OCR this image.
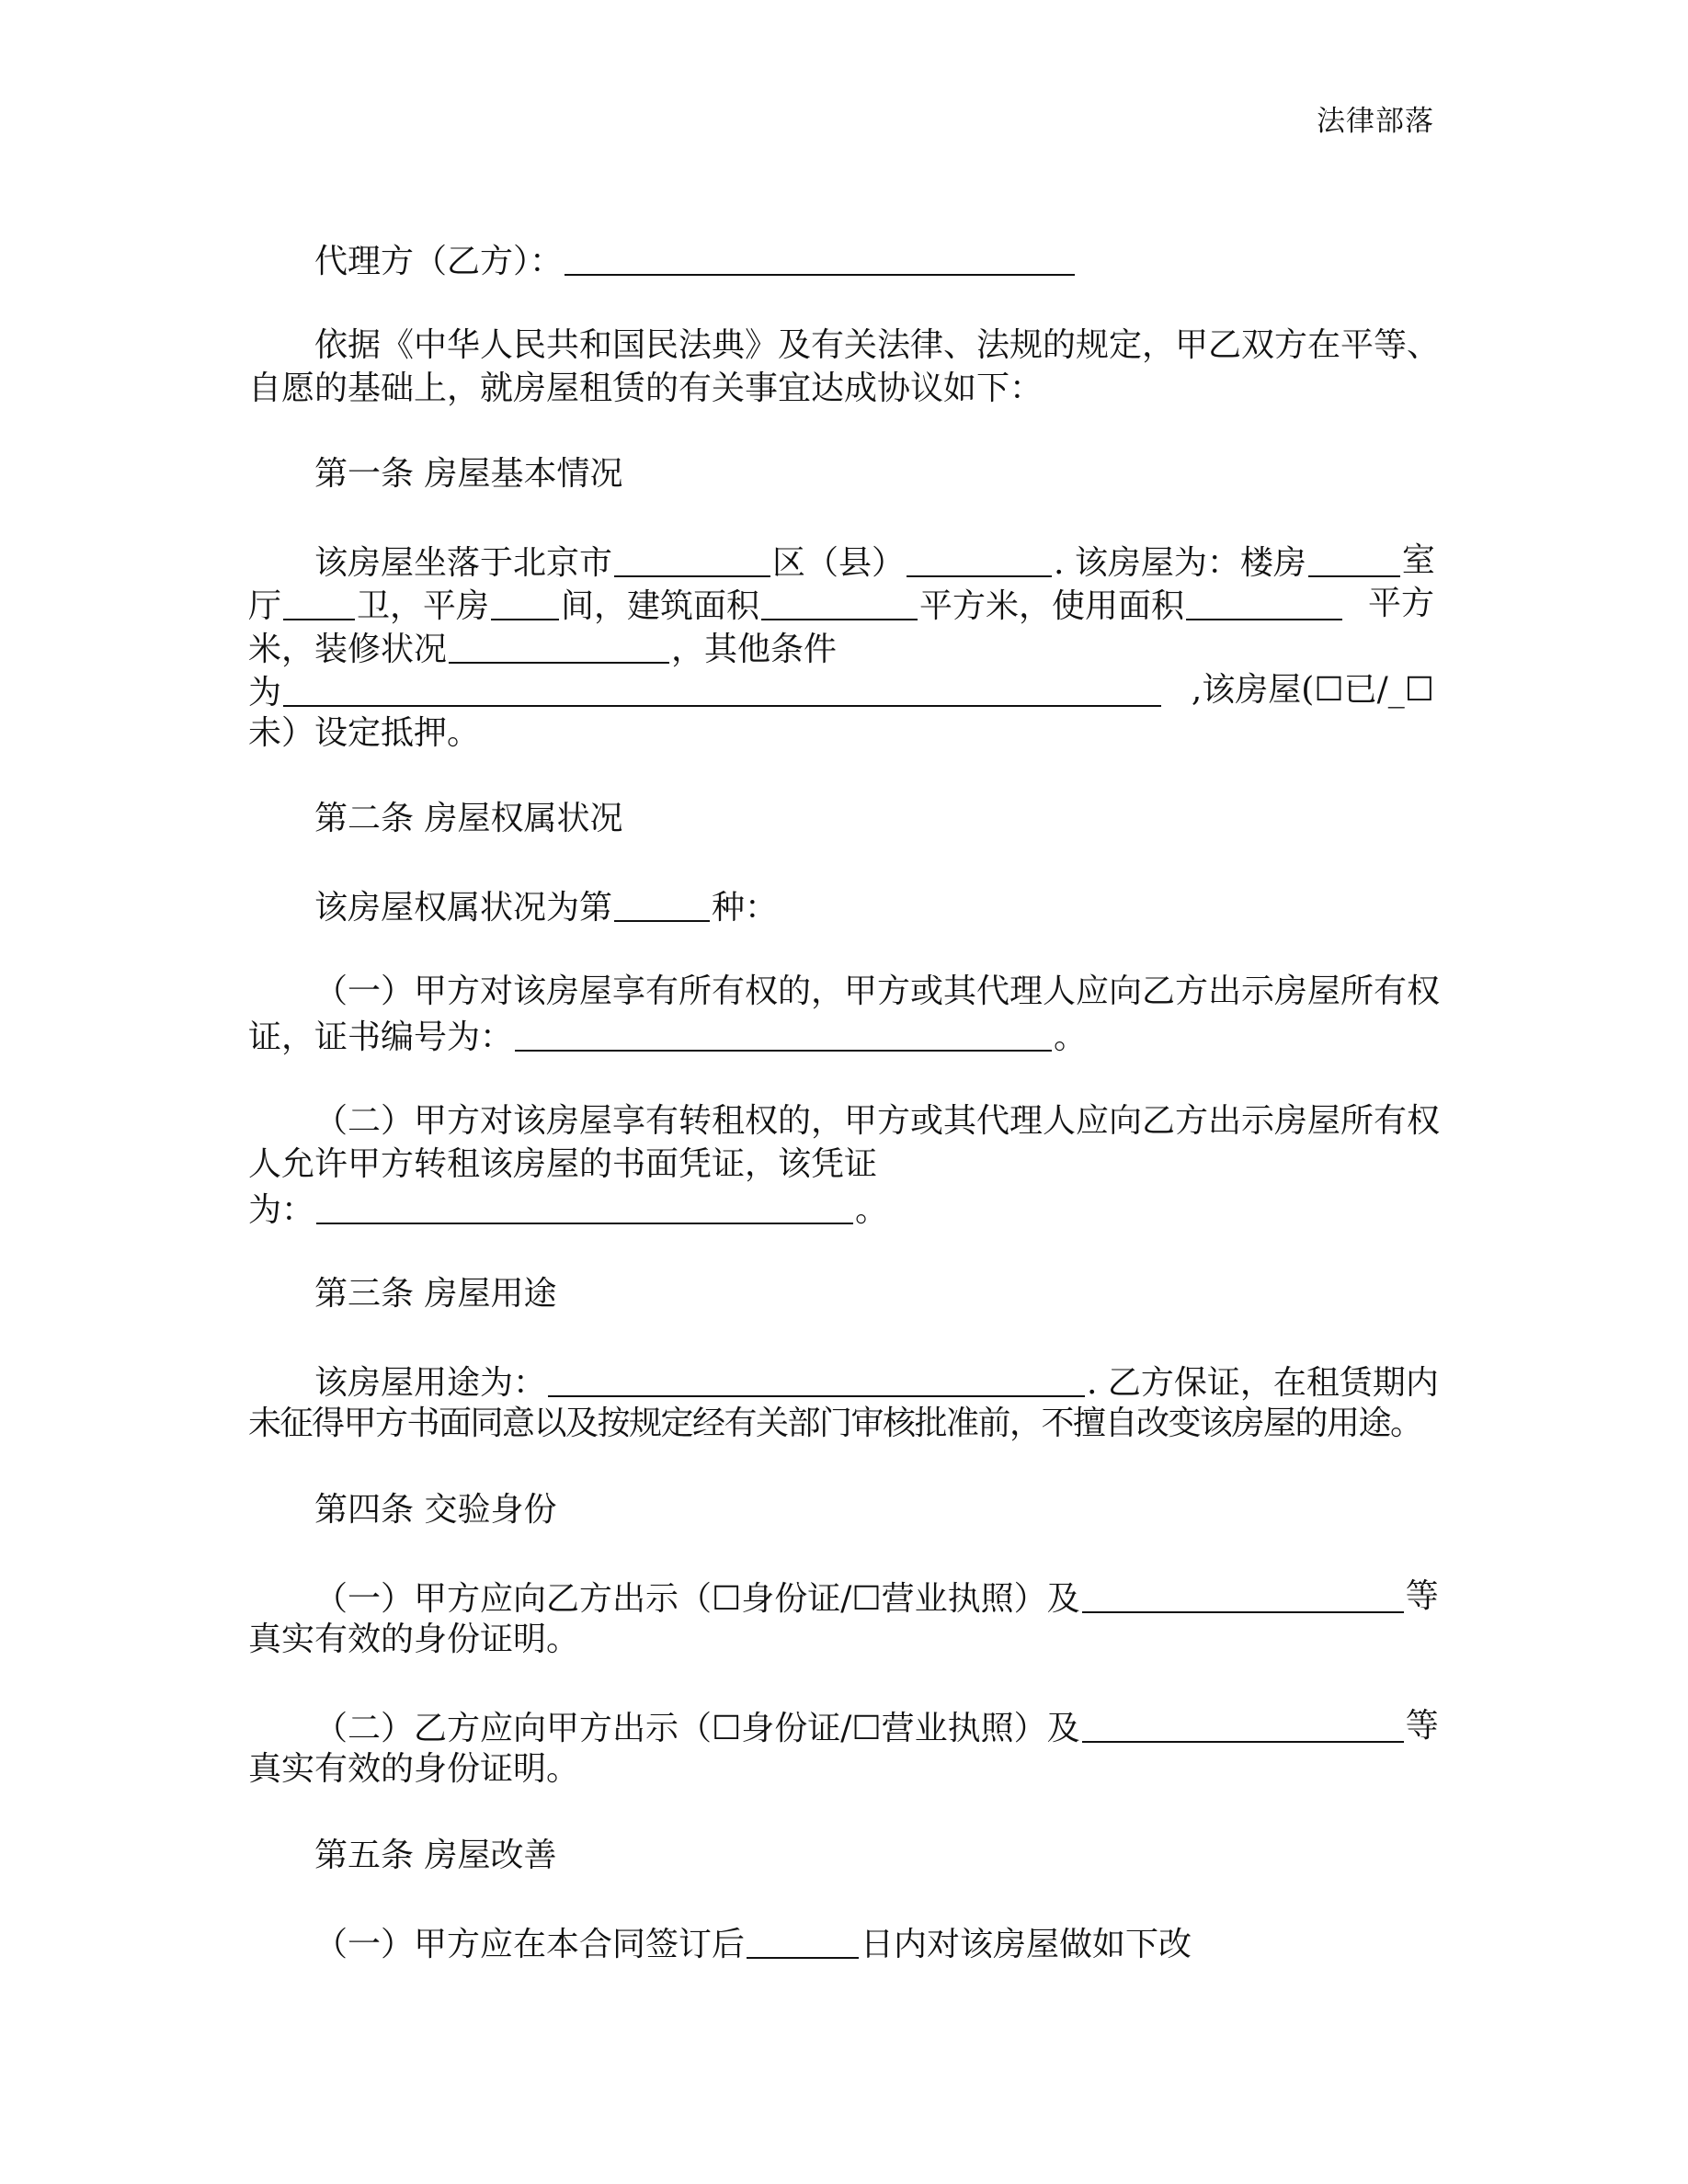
法律部落

代理方（乙方）：

依据《中华人民共和国民法典》及有关法律、法规的规定，甲乙双方在平等、

自愿的基础上，就房屋租赁的有关事宜达成协议如下：

第一条 房屋基本情况

该房屋坐落于北京市	区（县）	. 该房屋为：楼房	室
厅 卫，平房 间，建筑面积	平方米，使用面积	平方

米，装修状况	，其他条件

为	,该房屋(☐已/_☐

未）设定抵押。

第二条 房屋权属状况

该房屋权属状况为第	种：

（一）甲方对该房屋享有所有权的，甲方或其代理人应向乙方出示房屋所有权

证，证书编号为：	。

（二）甲方对该房屋享有转租权的，甲方或其代理人应向乙方出示房屋所有权

人允许甲方转租该房屋的书面凭证，该凭证

为：	。

第三条 房屋用途

该房屋用途为：	. 乙方保证，在租赁期内

未征得甲方书面同意以及按规定经有关部门审核批准前，不擅自改变该房屋的用途。

第四条 交验身份

（一）甲方应向乙方出示（☐身份证/☐营业执照）及	等

真实有效的身份证明。

（二）乙方应向甲方出示（☐身份证/☐营业执照）及	等

真实有效的身份证明。

第五条 房屋改善

（一）甲方应在本合同签订后	日内对该房屋做如下改
